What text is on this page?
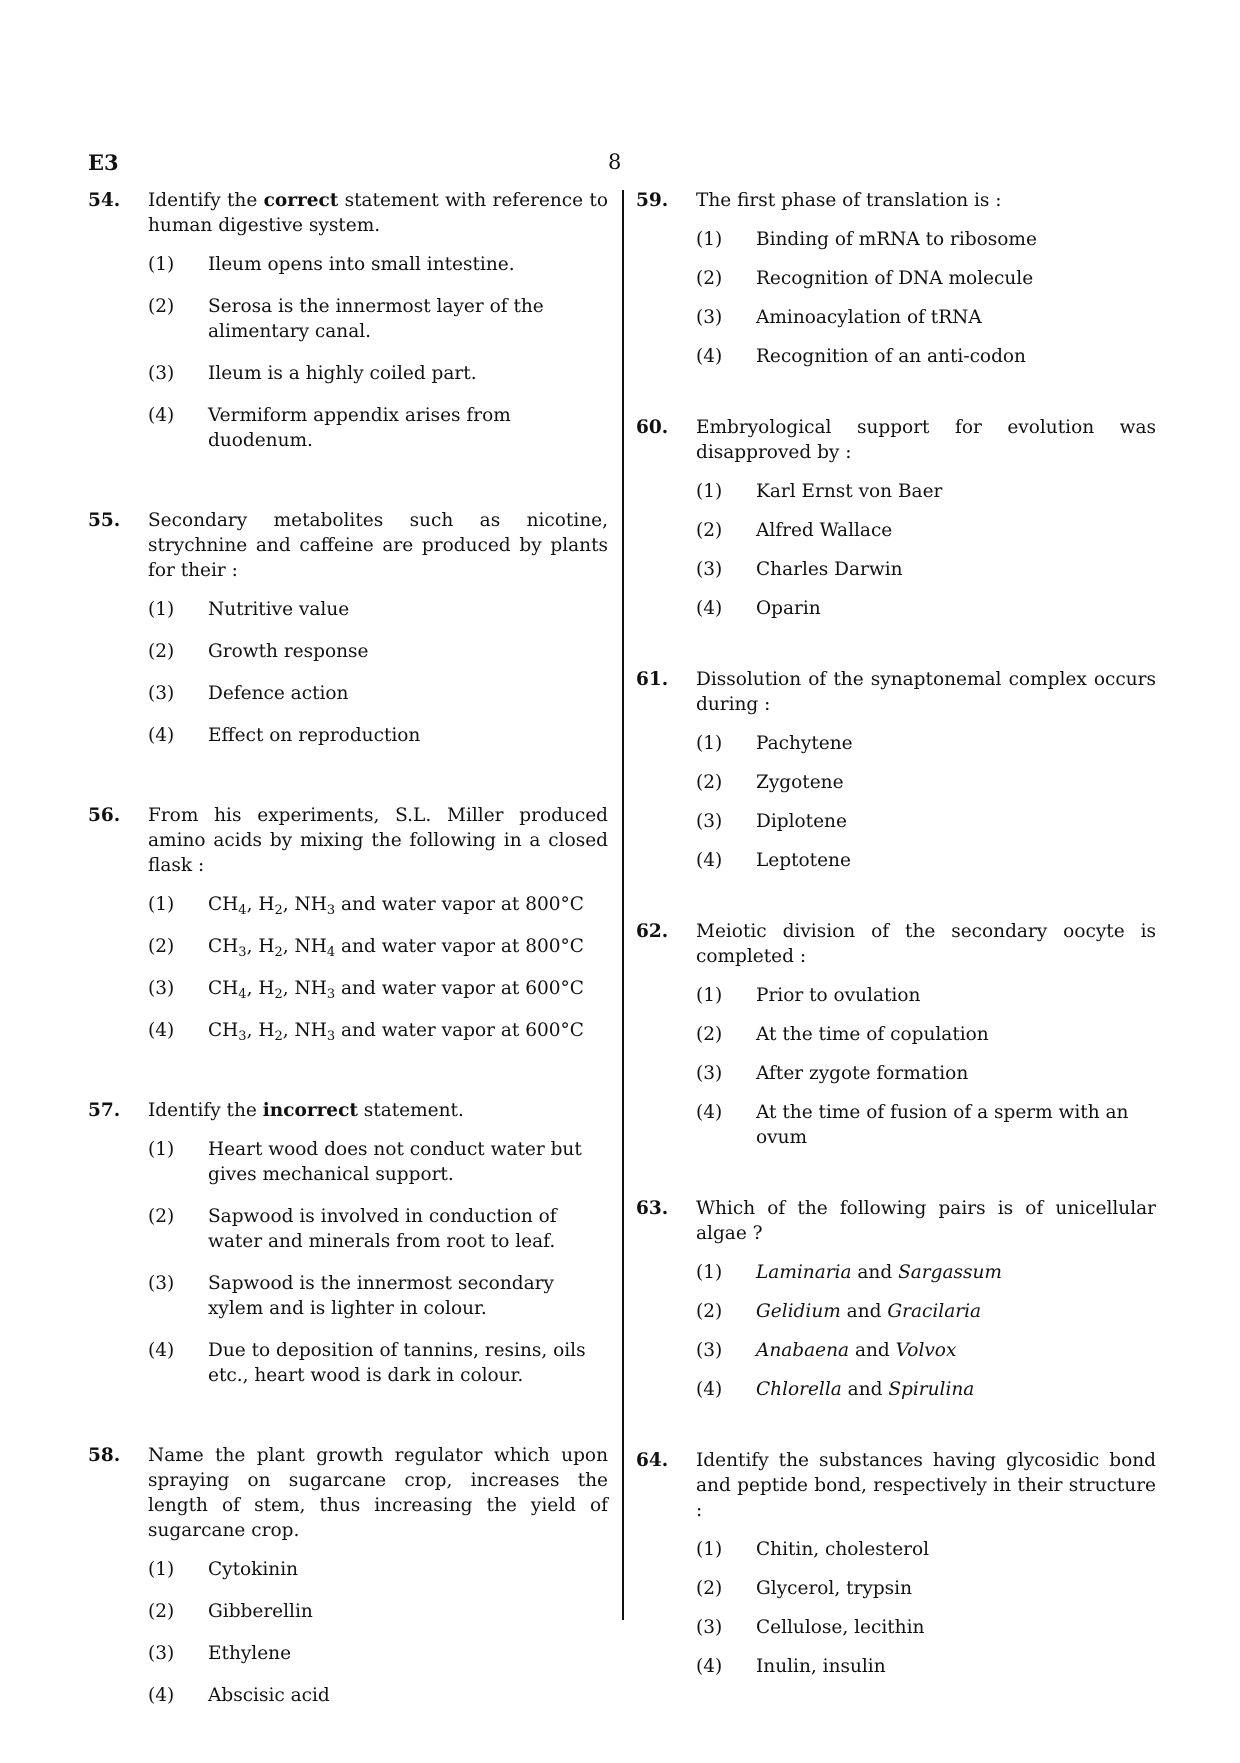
E3	8
54.	Identify the correct statement with reference to human digestive system.
(1)	Ileum opens into small intestine.
(2)	Serosa is the innermost layer of the alimentary canal.
(3)	Ileum is a highly coiled part.
(4)	Vermiform appendix arises from duodenum.
55.	Secondary metabolites such as nicotine, strychnine and caffeine are produced by plants for their :
(1)	Nutritive value
(2)	Growth response
(3)	Defence action
(4)	Effect on reproduction
56.	From his experiments, S.L. Miller produced amino acids by mixing the following in a closed flask :
(1)	$CH_4$, $H_2$, $NH_3$ and water vapor at 800°C
(2)	$CH_3$, $H_2$, $NH_4$ and water vapor at 800°C
(3)	$CH_4$, $H_2$, $NH_3$ and water vapor at 600°C
(4)	$CH_3$, $H_2$, $NH_3$ and water vapor at 600°C
57.	Identify the incorrect statement.
(1)	Heart wood does not conduct water but gives mechanical support.
(2)	Sapwood is involved in conduction of water and minerals from root to leaf.
(3)	Sapwood is the innermost secondary xylem and is lighter in colour.
(4)	Due to deposition of tannins, resins, oils etc., heart wood is dark in colour.
58.	Name the plant growth regulator which upon spraying on sugarcane crop, increases the length of stem, thus increasing the yield of sugarcane crop.
(1)	Cytokinin
(2)	Gibberellin
(3)	Ethylene
(4)	Abscisic acid
59.	The first phase of translation is :
(1)	Binding of mRNA to ribosome
(2)	Recognition of DNA molecule
(3)	Aminoacylation of tRNA
(4)	Recognition of an anti-codon
60.	Embryological support for evolution was disapproved by :
(1)	Karl Ernst von Baer
(2)	Alfred Wallace
(3)	Charles Darwin
(4)	Oparin
61.	Dissolution of the synaptonemal complex occurs during :
(1)	Pachytene
(2)	Zygotene
(3)	Diplotene
(4)	Leptotene
62.	Meiotic division of the secondary oocyte is completed :
(1)	Prior to ovulation
(2)	At the time of copulation
(3)	After zygote formation
(4)	At the time of fusion of a sperm with an ovum
63.	Which of the following pairs is of unicellular algae ?
(1)	Laminaria and Sargassum
(2)	Gelidium and Gracilaria
(3)	Anabaena and Volvox
(4)	Chlorella and Spirulina
64.	Identify the substances having glycosidic bond and peptide bond, respectively in their structure :
(1)	Chitin, cholesterol
(2)	Glycerol, trypsin
(3)	Cellulose, lecithin
(4)	Inulin, insulin
